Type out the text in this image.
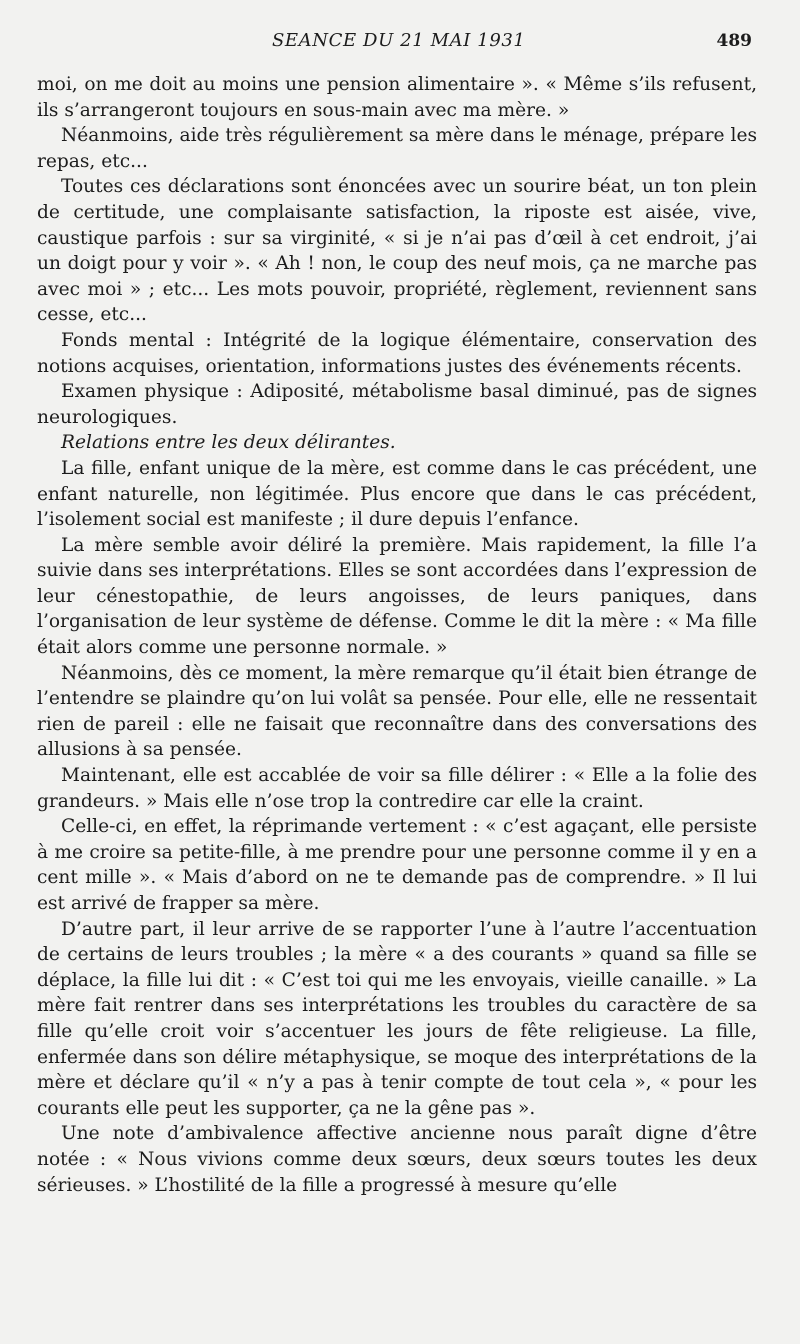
SEANCE DU 21 MAI 1931	489

moi, on me doit au moins une pension alimentaire ». « Même s’ils refusent, ils s’arrangeront toujours en sous-main avec ma mère. »

Néanmoins, aide très régulièrement sa mère dans le ménage, prépare les repas, etc...

Toutes ces déclarations sont énoncées avec un sourire béat, un ton plein de certitude, une complaisante satisfaction, la riposte est aisée, vive, caustique parfois : sur sa virginité, « si je n’ai pas d’œil à cet endroit, j’ai un doigt pour y voir ». « Ah ! non, le coup des neuf mois, ça ne marche pas avec moi » ; etc... Les mots pouvoir, propriété, règlement, reviennent sans cesse, etc...

Fonds mental : Intégrité de la logique élémentaire, conservation des notions acquises, orientation, informations justes des événements récents.

Examen physique : Adiposité, métabolisme basal diminué, pas de signes neurologiques.

Relations entre les deux délirantes.

La fille, enfant unique de la mère, est comme dans le cas précédent, une enfant naturelle, non légitimée. Plus encore que dans le cas précédent, l’isolement social est manifeste ; il dure depuis l’enfance.

La mère semble avoir déliré la première. Mais rapidement, la fille l’a suivie dans ses interprétations. Elles se sont accordées dans l’expression de leur cénestopathie, de leurs angoisses, de leurs paniques, dans l’organisation de leur système de défense. Comme le dit la mère : « Ma fille était alors comme une personne normale. »

Néanmoins, dès ce moment, la mère remarque qu’il était bien étrange de l’entendre se plaindre qu’on lui volât sa pensée. Pour elle, elle ne ressentait rien de pareil : elle ne faisait que reconnaître dans des conversations des allusions à sa pensée.

Maintenant, elle est accablée de voir sa fille délirer : « Elle a la folie des grandeurs. » Mais elle n’ose trop la contredire car elle la craint.

Celle-ci, en effet, la réprimande vertement : « c’est agaçant, elle persiste à me croire sa petite-fille, à me prendre pour une personne comme il y en a cent mille ». « Mais d’abord on ne te demande pas de comprendre. » Il lui est arrivé de frapper sa mère.

D’autre part, il leur arrive de se rapporter l’une à l’autre l’accentuation de certains de leurs troubles ; la mère « a des courants » quand sa fille se déplace, la fille lui dit : « C’est toi qui me les envoyais, vieille canaille. » La mère fait rentrer dans ses interprétations les troubles du caractère de sa fille qu’elle croit voir s’accentuer les jours de fête religieuse. La fille, enfermée dans son délire métaphysique, se moque des interprétations de la mère et déclare qu’il « n’y a pas à tenir compte de tout cela », « pour les courants elle peut les supporter, ça ne la gêne pas ».

Une note d’ambivalence affective ancienne nous paraît digne d’être notée : « Nous vivions comme deux sœurs, deux sœurs toutes les deux sérieuses. » L’hostilité de la fille a progressé à mesure qu’elle
